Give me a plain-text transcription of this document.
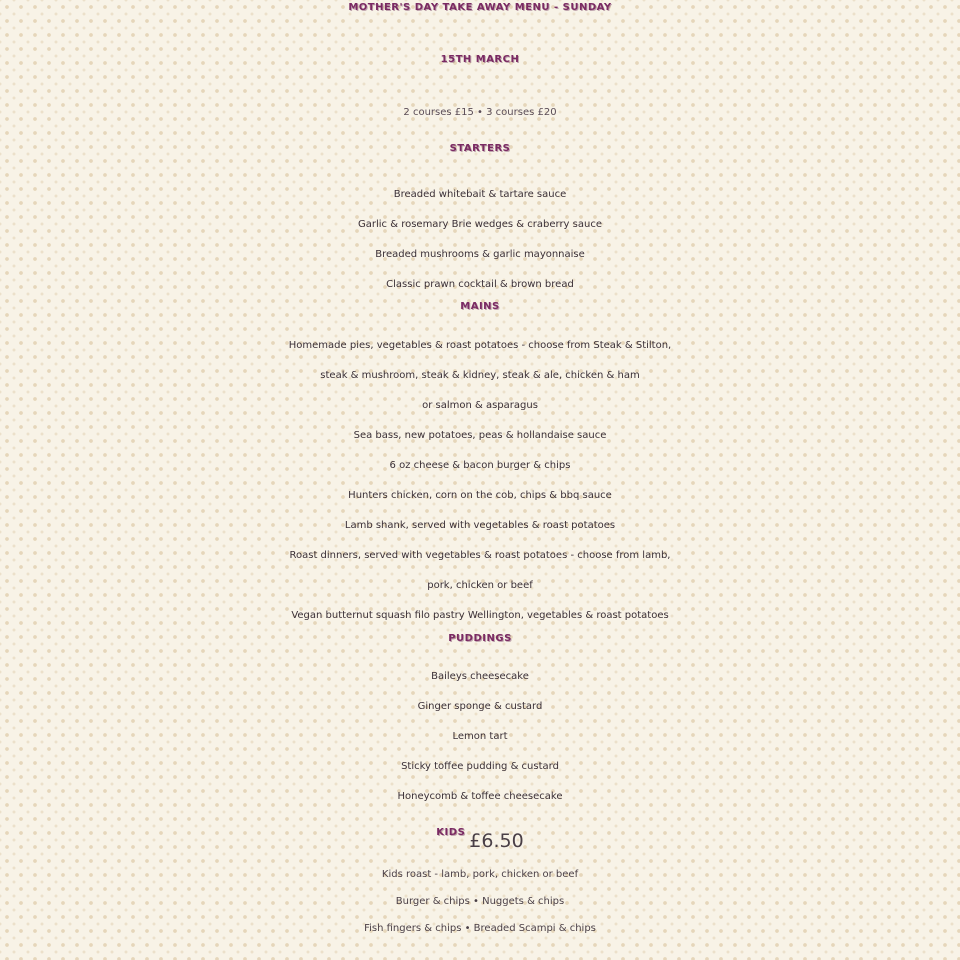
MOTHER'S DAY TAKE AWAY MENU - SUNDAY
15TH MARCH
2 courses £15 • 3 courses £20
STARTERS
Breaded whitebait & tartare sauce
Garlic & rosemary Brie wedges & craberry sauce
Breaded mushrooms & garlic mayonnaise
Classic prawn cocktail & brown bread
MAINS
Homemade pies, vegetables & roast potatoes - choose from Steak & Stilton,
steak & mushroom, steak & kidney, steak & ale, chicken & ham
or salmon & asparagus
Sea bass, new potatoes, peas & hollandaise sauce
6 oz cheese & bacon burger & chips
Hunters chicken, corn on the cob, chips & bbq sauce
Lamb shank, served with vegetables & roast potatoes
Roast dinners, served with vegetables & roast potatoes - choose from lamb,
pork, chicken or beef
Vegan butternut squash filo pastry Wellington, vegetables & roast potatoes
PUDDINGS
Baileys cheesecake
Ginger sponge & custard
Lemon tart
Sticky toffee pudding & custard
Honeycomb & toffee cheesecake
KIDS £6.50
Kids roast - lamb, pork, chicken or beef
Burger & chips • Nuggets & chips
Fish fingers & chips • Breaded Scampi & chips
